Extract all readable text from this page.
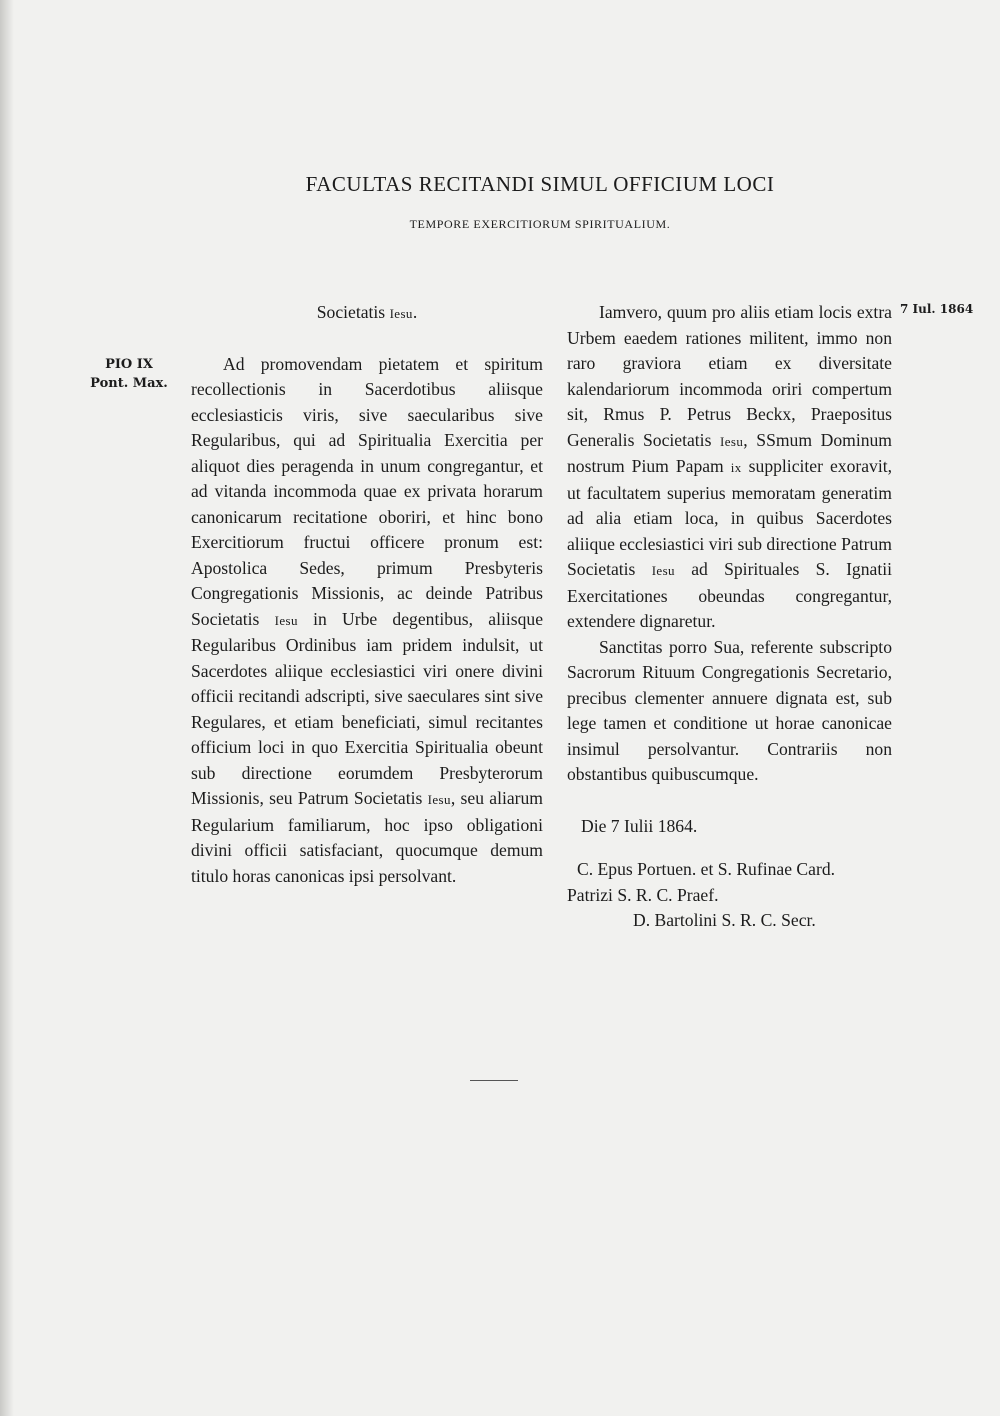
FACULTAS RECITANDI SIMUL OFFICIUM LOCI
TEMPORE EXERCITIORUM SPIRITUALIUM.
PIO IX
Pont. Max.
7 Iul. 1864

Societatis Iesu.

Ad promovendam pietatem et spiritum recollectionis in Sacerdotibus aliisque ecclesiasticis viris, sive saecularibus sive Regularibus, qui ad Spiritualia Exercitia per aliquot dies peragenda in unum congregantur, et ad vitanda incommoda quae ex privata horarum canonicarum recitatione oboriri, et hinc bono Exercitiorum fructui officere pronum est: Apostolica Sedes, primum Presbyteris Congregationis Missionis, ac deinde Patribus Societatis Iesu in Urbe degentibus, aliisque Regularibus Ordinibus iam pridem indulsit, ut Sacerdotes aliique ecclesiastici viri onere divini officii recitandi adscripti, sive saeculares sint sive Regulares, et etiam beneficiati, simul recitantes officium loci in quo Exercitia Spiritualia obeunt sub directione eorumdem Presbyterorum Missionis, seu Patrum Societatis Iesu, seu aliarum Regularium familiarum, hoc ipso obligationi divini officii satisfaciant, quocumque demum titulo horas canonicas ipsi persolvant.

Iamvero, quum pro aliis etiam locis extra Urbem eaedem rationes militent, immo non raro graviora etiam ex diversitate kalendariorum incommoda oriri compertum sit, Rmus P. Petrus Beckx, Praepositus Generalis Societatis Iesu, SSmum Dominum nostrum Pium Papam ix suppliciter exoravit, ut facultatem superius memoratam generatim ad alia etiam loca, in quibus Sacerdotes aliique ecclesiastici viri sub directione Patrum Societatis Iesu ad Spirituales S. Ignatii Exercitationes obeundas congregantur, extendere dignaretur.

Sanctitas porro Sua, referente subscripto Sacrorum Rituum Congregationis Secretario, precibus clementer annuere dignata est, sub lege tamen et conditione ut horae canonicae insimul persolvantur. Contrariis non obstantibus quibuscumque.

Die 7 Iulii 1864.

C. Epus Portuen. et S. Rufinae Card.

Patrizi S. R. C. Praef.

D. Bartolini S. R. C. Secr.
